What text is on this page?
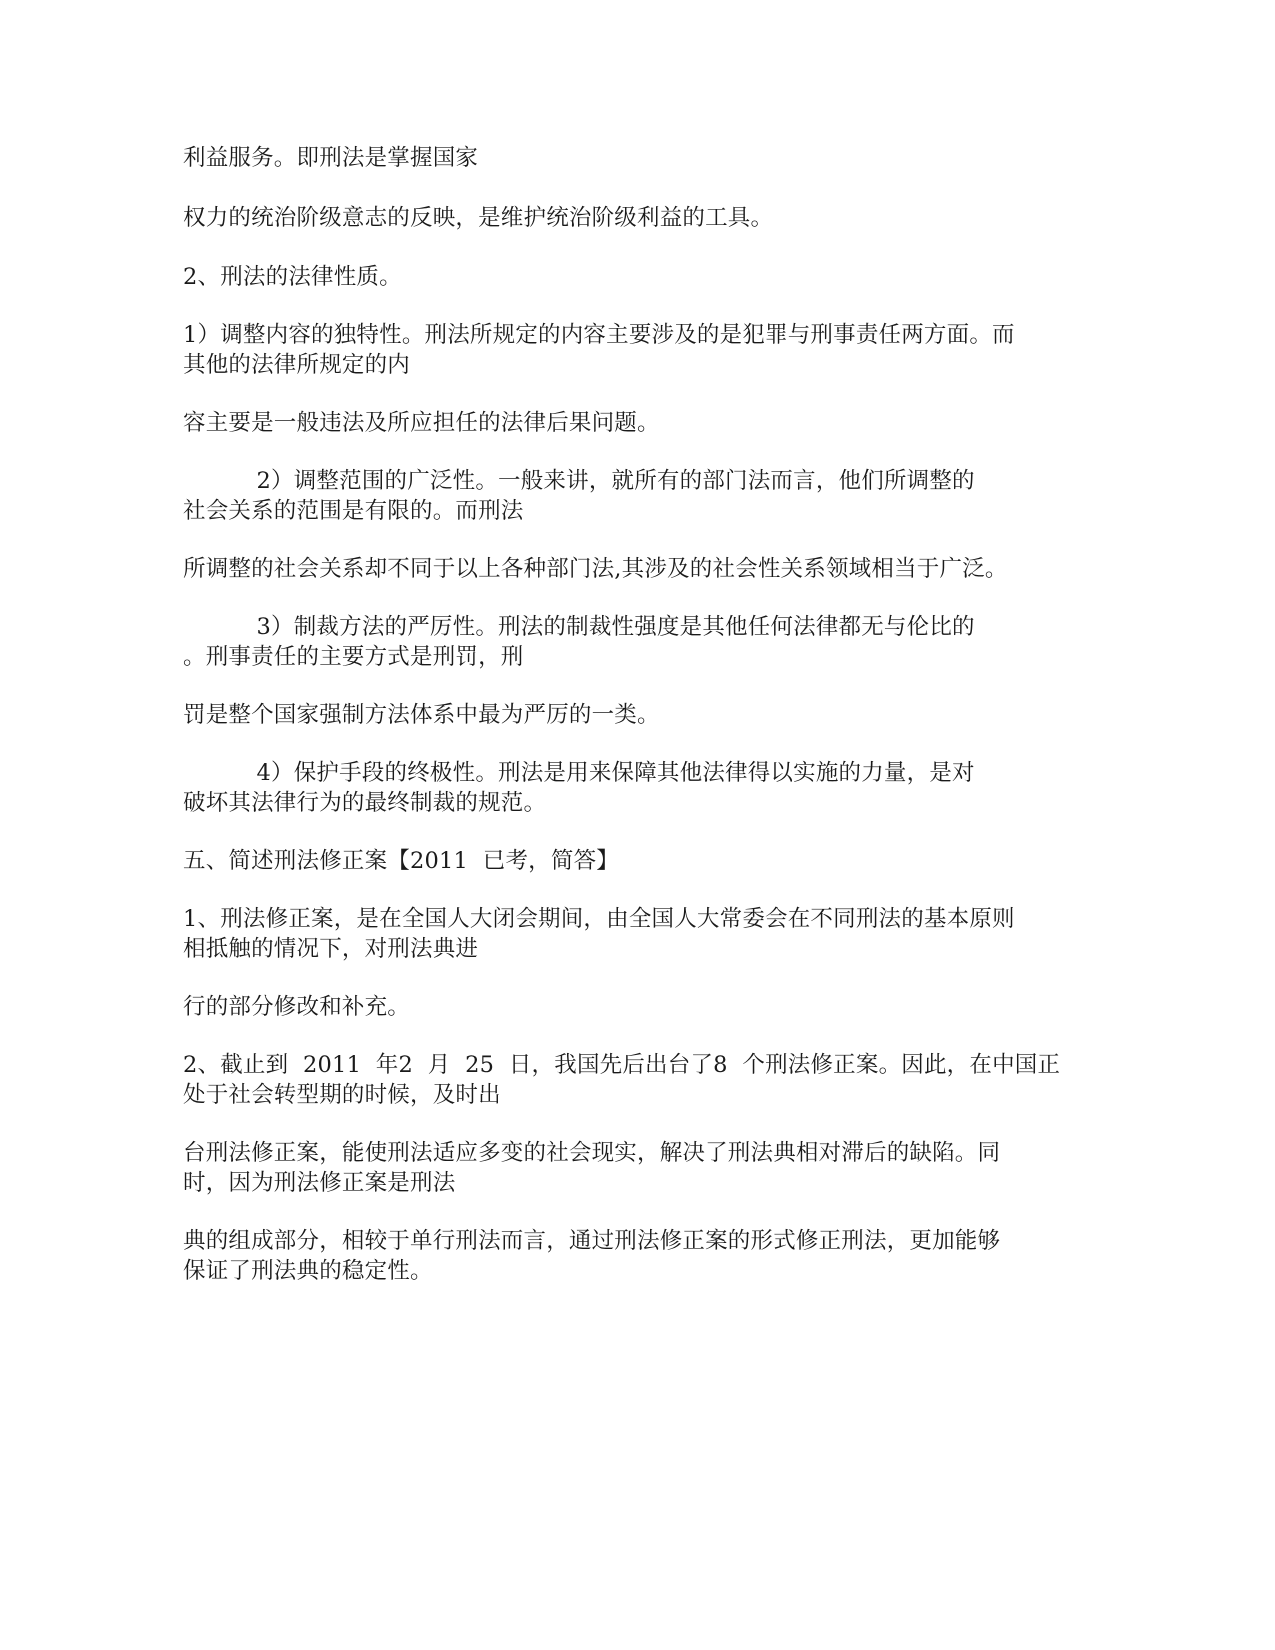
利益服务。即刑法是掌握国家
权力的统治阶级意志的反映，是维护统治阶级利益的工具。
2、刑法的法律性质。
1）调整内容的独特性。刑法所规定的内容主要涉及的是犯罪与刑事责任两方面。而
其他的法律所规定的内
容主要是一般违法及所应担任的法律后果问题。
2）调整范围的广泛性。一般来讲，就所有的部门法而言，他们所调整的
社会关系的范围是有限的。而刑法
所调整的社会关系却不同于以上各种部门法,其涉及的社会性关系领域相当于广泛。
3）制裁方法的严厉性。刑法的制裁性强度是其他任何法律都无与伦比的
。刑事责任的主要方式是刑罚，刑
罚是整个国家强制方法体系中最为严厉的一类。
4）保护手段的终极性。刑法是用来保障其他法律得以实施的力量，是对
破坏其法律行为的最终制裁的规范。
五、简述刑法修正案【2011  已考，简答】
1、刑法修正案，是在全国人大闭会期间，由全国人大常委会在不同刑法的基本原则
相抵触的情况下，对刑法典进
行的部分修改和补充。
2、截止到  2011  年2  月  25  日，我国先后出台了8  个刑法修正案。因此，在中国正
处于社会转型期的时候，及时出
台刑法修正案，能使刑法适应多变的社会现实，解决了刑法典相对滞后的缺陷。同
时，因为刑法修正案是刑法
典的组成部分，相较于单行刑法而言，通过刑法修正案的形式修正刑法，更加能够
保证了刑法典的稳定性。
